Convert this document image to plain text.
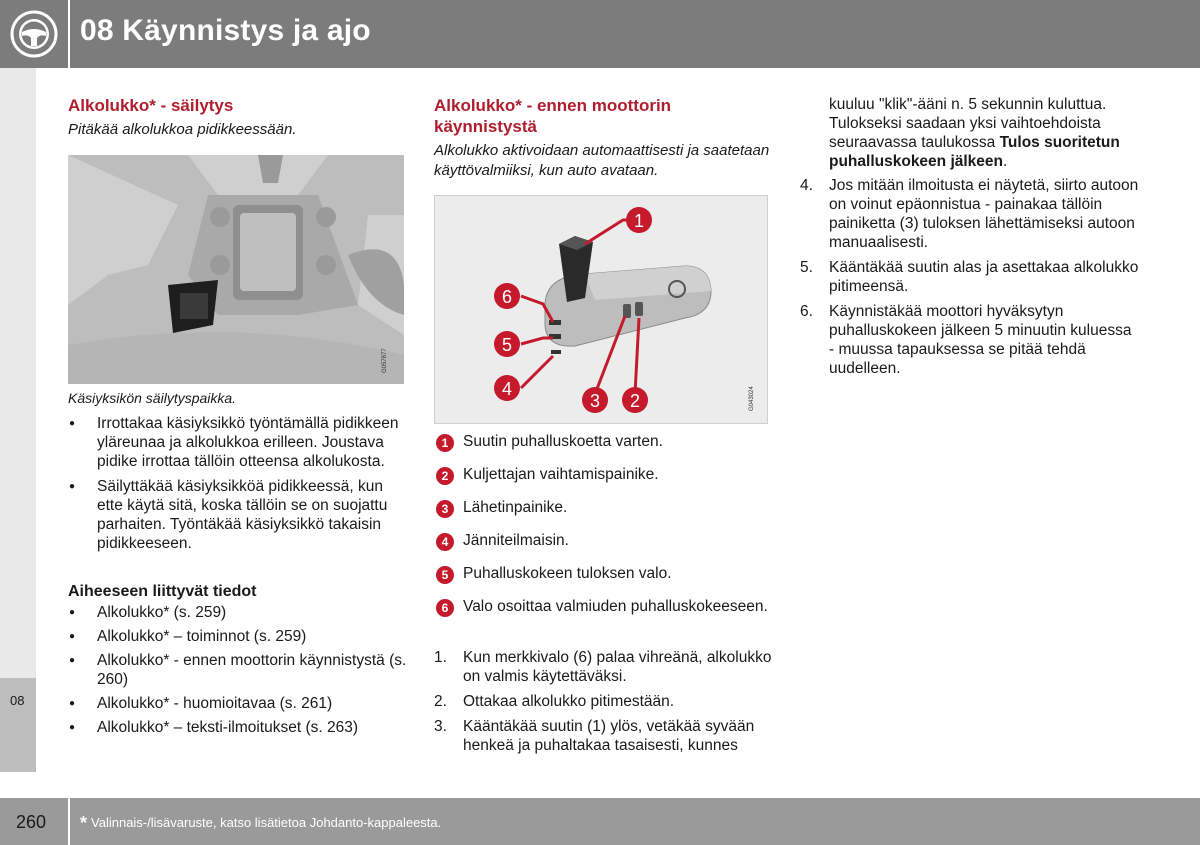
08 Käynnistys ja ajo
08
Alkolukko* - säilytys

Pitäkää alkolukkoa pidikkeessään.

G057877
Käsiyksikön säilytyspaikka.
● Irrottakaa käsiyksikkö työntämällä pidikkeen yläreunaa ja alkolukkoa erilleen. Joustava pidike irrottaa tällöin otteensa alkolukosta.
● Säilyttäkää käsiyksikköä pidikkeessä, kun ette käytä sitä, koska tällöin se on suojattu parhaiten. Työntäkää käsiyksikkö takaisin pidikkeeseen.
Aiheeseen liittyvät tiedot
● Alkolukko* (s. 259)
● Alkolukko* – toiminnot (s. 259)
● Alkolukko* - ennen moottorin käynnistystä (s. 260)
● Alkolukko* - huomioitavaa (s. 261)
● Alkolukko* – teksti-ilmoitukset (s. 263)
Alkolukko* - ennen moottorin käynnistystä

Alkolukko aktivoidaan automaattisesti ja saatetaan käyttövalmiiksi, kun auto avataan.

1
6
5
4
3 2	G043024
1 Suutin puhalluskoetta varten.
2 Kuljettajan vaihtamispainike.
3 Lähetinpainike.
4 Jänniteilmaisin.
5 Puhalluskokeen tuloksen valo.
6 Valo osoittaa valmiuden puhalluskokeeseen.
1. Kun merkkivalo (6) palaa vihreänä, alkolukko on valmis käytettäväksi.
2. Ottakaa alkolukko pitimestään.
3. Kääntäkää suutin (1) ylös, vetäkää syvään henkeä ja puhaltakaa tasaisesti, kunnes
kuuluu "klik"-ääni n. 5 sekunnin kuluttua. Tulokseksi saadaan yksi vaihtoehdoista seuraavassa taulukossa Tulos suoritetun puhalluskokeen jälkeen.
4. Jos mitään ilmoitusta ei näytetä, siirto autoon on voinut epäonnistua - painakaa tällöin painiketta (3) tuloksen lähettämiseksi autoon manuaalisesti.
5. Kääntäkää suutin alas ja asettakaa alkolukko pitimeensä.
6. Käynnistäkää moottori hyväksytyn puhalluskokeen jälkeen 5 minuutin kuluessa - muussa tapauksessa se pitää tehdä uudelleen.
260 * Valinnais-/lisävaruste, katso lisätietoa Johdanto-kappaleesta.
